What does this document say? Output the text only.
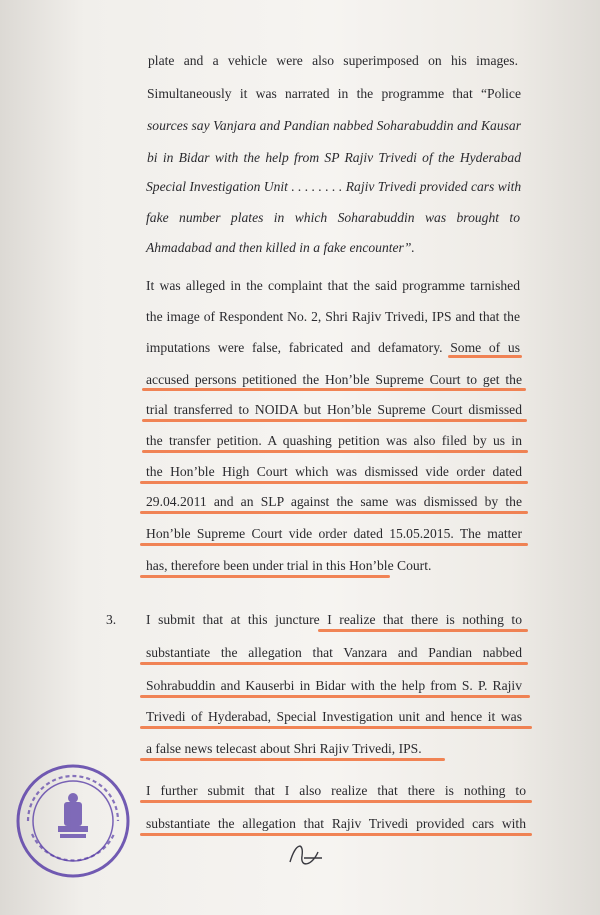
plate and a vehicle were also superimposed on his images.

Simultaneously it was narrated in the programme that “Police

sources say Vanjara and Pandian nabbed Soharabuddin and Kausar

bi in Bidar with the help from SP Rajiv Trivedi of the Hyderabad

Special Investigation Unit . . . . . . . . Rajiv Trivedi provided cars with

fake number plates in which Soharabuddin was brought to

Ahmadabad and then killed in a fake encounter”.

It was alleged in the complaint that the said programme tarnished

the image of Respondent No. 2, Shri Rajiv Trivedi, IPS and that the

imputations were false, fabricated and defamatory. Some of us

accused persons petitioned the Hon’ble Supreme Court to get the

trial transferred to NOIDA but Hon’ble Supreme Court dismissed

the transfer petition. A quashing petition was also filed by us in

the Hon’ble High Court which was dismissed vide order dated

29.04.2011 and an SLP against the same was dismissed by the

Hon’ble Supreme Court vide order dated 15.05.2015. The matter

has, therefore been under trial in this Hon’ble Court.

3. I submit that at this juncture I realize that there is nothing to

substantiate the allegation that Vanzara and Pandian nabbed

Sohrabuddin and Kauserbi in Bidar with the help from S. P. Rajiv

Trivedi of Hyderabad, Special Investigation unit and hence it was

a false news telecast about Shri Rajiv Trivedi, IPS.

I further submit that I also realize that there is nothing to

substantiate the allegation that Rajiv Trivedi provided cars with
